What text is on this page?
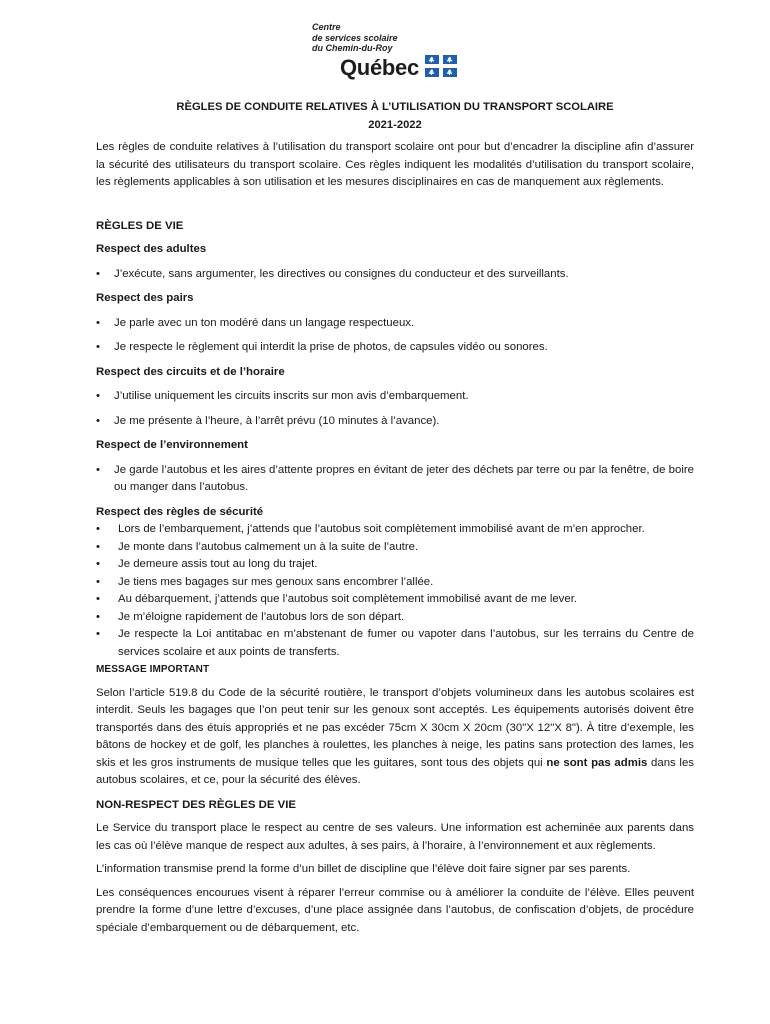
Centre
de services scolaire
du Chemin-du-Roy
Québec
RÈGLES DE CONDUITE RELATIVES À L’UTILISATION DU TRANSPORT SCOLAIRE
2021-2022

Les règles de conduite relatives à l’utilisation du transport scolaire ont pour but d’encadrer la discipline afin d’assurer la sécurité des utilisateurs du transport scolaire. Ces règles indiquent les modalités d’utilisation du transport scolaire, les règlements applicables à son utilisation et les mesures disciplinaires en cas de manquement aux règlements.

RÈGLES DE VIE
Respect des adultes
• J’exécute, sans argumenter, les directives ou consignes du conducteur et des surveillants.
Respect des pairs
• Je parle avec un ton modéré dans un langage respectueux.
• Je respecte le règlement qui interdit la prise de photos, de capsules vidéo ou sonores.
Respect des circuits et de l’horaire
• J’utilise uniquement les circuits inscrits sur mon avis d’embarquement.
• Je me présente à l’heure, à l’arrêt prévu (10 minutes à l’avance).
Respect de l’environnement
• Je garde l’autobus et les aires d’attente propres en évitant de jeter des déchets par terre ou par la fenêtre, de boire ou manger dans l’autobus.
Respect des règles de sécurité
• Lors de l’embarquement, j’attends que l’autobus soit complètement immobilisé avant de m’en approcher.
• Je monte dans l’autobus calmement un à la suite de l’autre.
• Je demeure assis tout au long du trajet.
• Je tiens mes bagages sur mes genoux sans encombrer l’allée.
• Au débarquement, j’attends que l’autobus soit complètement immobilisé avant de me lever.
• Je m’éloigne rapidement de l’autobus lors de son départ.
• Je respecte la Loi antitabac en m’abstenant de fumer ou vapoter dans l’autobus, sur les terrains du Centre de services scolaire et aux points de transferts.
MESSAGE IMPORTANT

Selon l’article 519.8 du Code de la sécurité routière, le transport d’objets volumineux dans les autobus scolaires est interdit. Seuls les bagages que l’on peut tenir sur les genoux sont acceptés. Les équipements autorisés doivent être transportés dans des étuis appropriés et ne pas excéder 75cm X 30cm X 20cm (30"X 12"X 8"). À titre d’exemple, les bâtons de hockey et de golf, les planches à roulettes, les planches à neige, les patins sans protection des lames, les skis et les gros instruments de musique telles que les guitares, sont tous des objets qui ne sont pas admis dans les autobus scolaires, et ce, pour la sécurité des élèves.

NON-RESPECT DES RÈGLES DE VIE

Le Service du transport place le respect au centre de ses valeurs. Une information est acheminée aux parents dans les cas où l’élève manque de respect aux adultes, à ses pairs, à l’horaire, à l’environnement et aux règlements.

L’information transmise prend la forme d’un billet de discipline que l’élève doit faire signer par ses parents.

Les conséquences encourues visent à réparer l’erreur commise ou à améliorer la conduite de l’élève. Elles peuvent prendre la forme d’une lettre d’excuses, d’une place assignée dans l’autobus, de confiscation d’objets, de procédure spéciale d’embarquement ou de débarquement, etc.
